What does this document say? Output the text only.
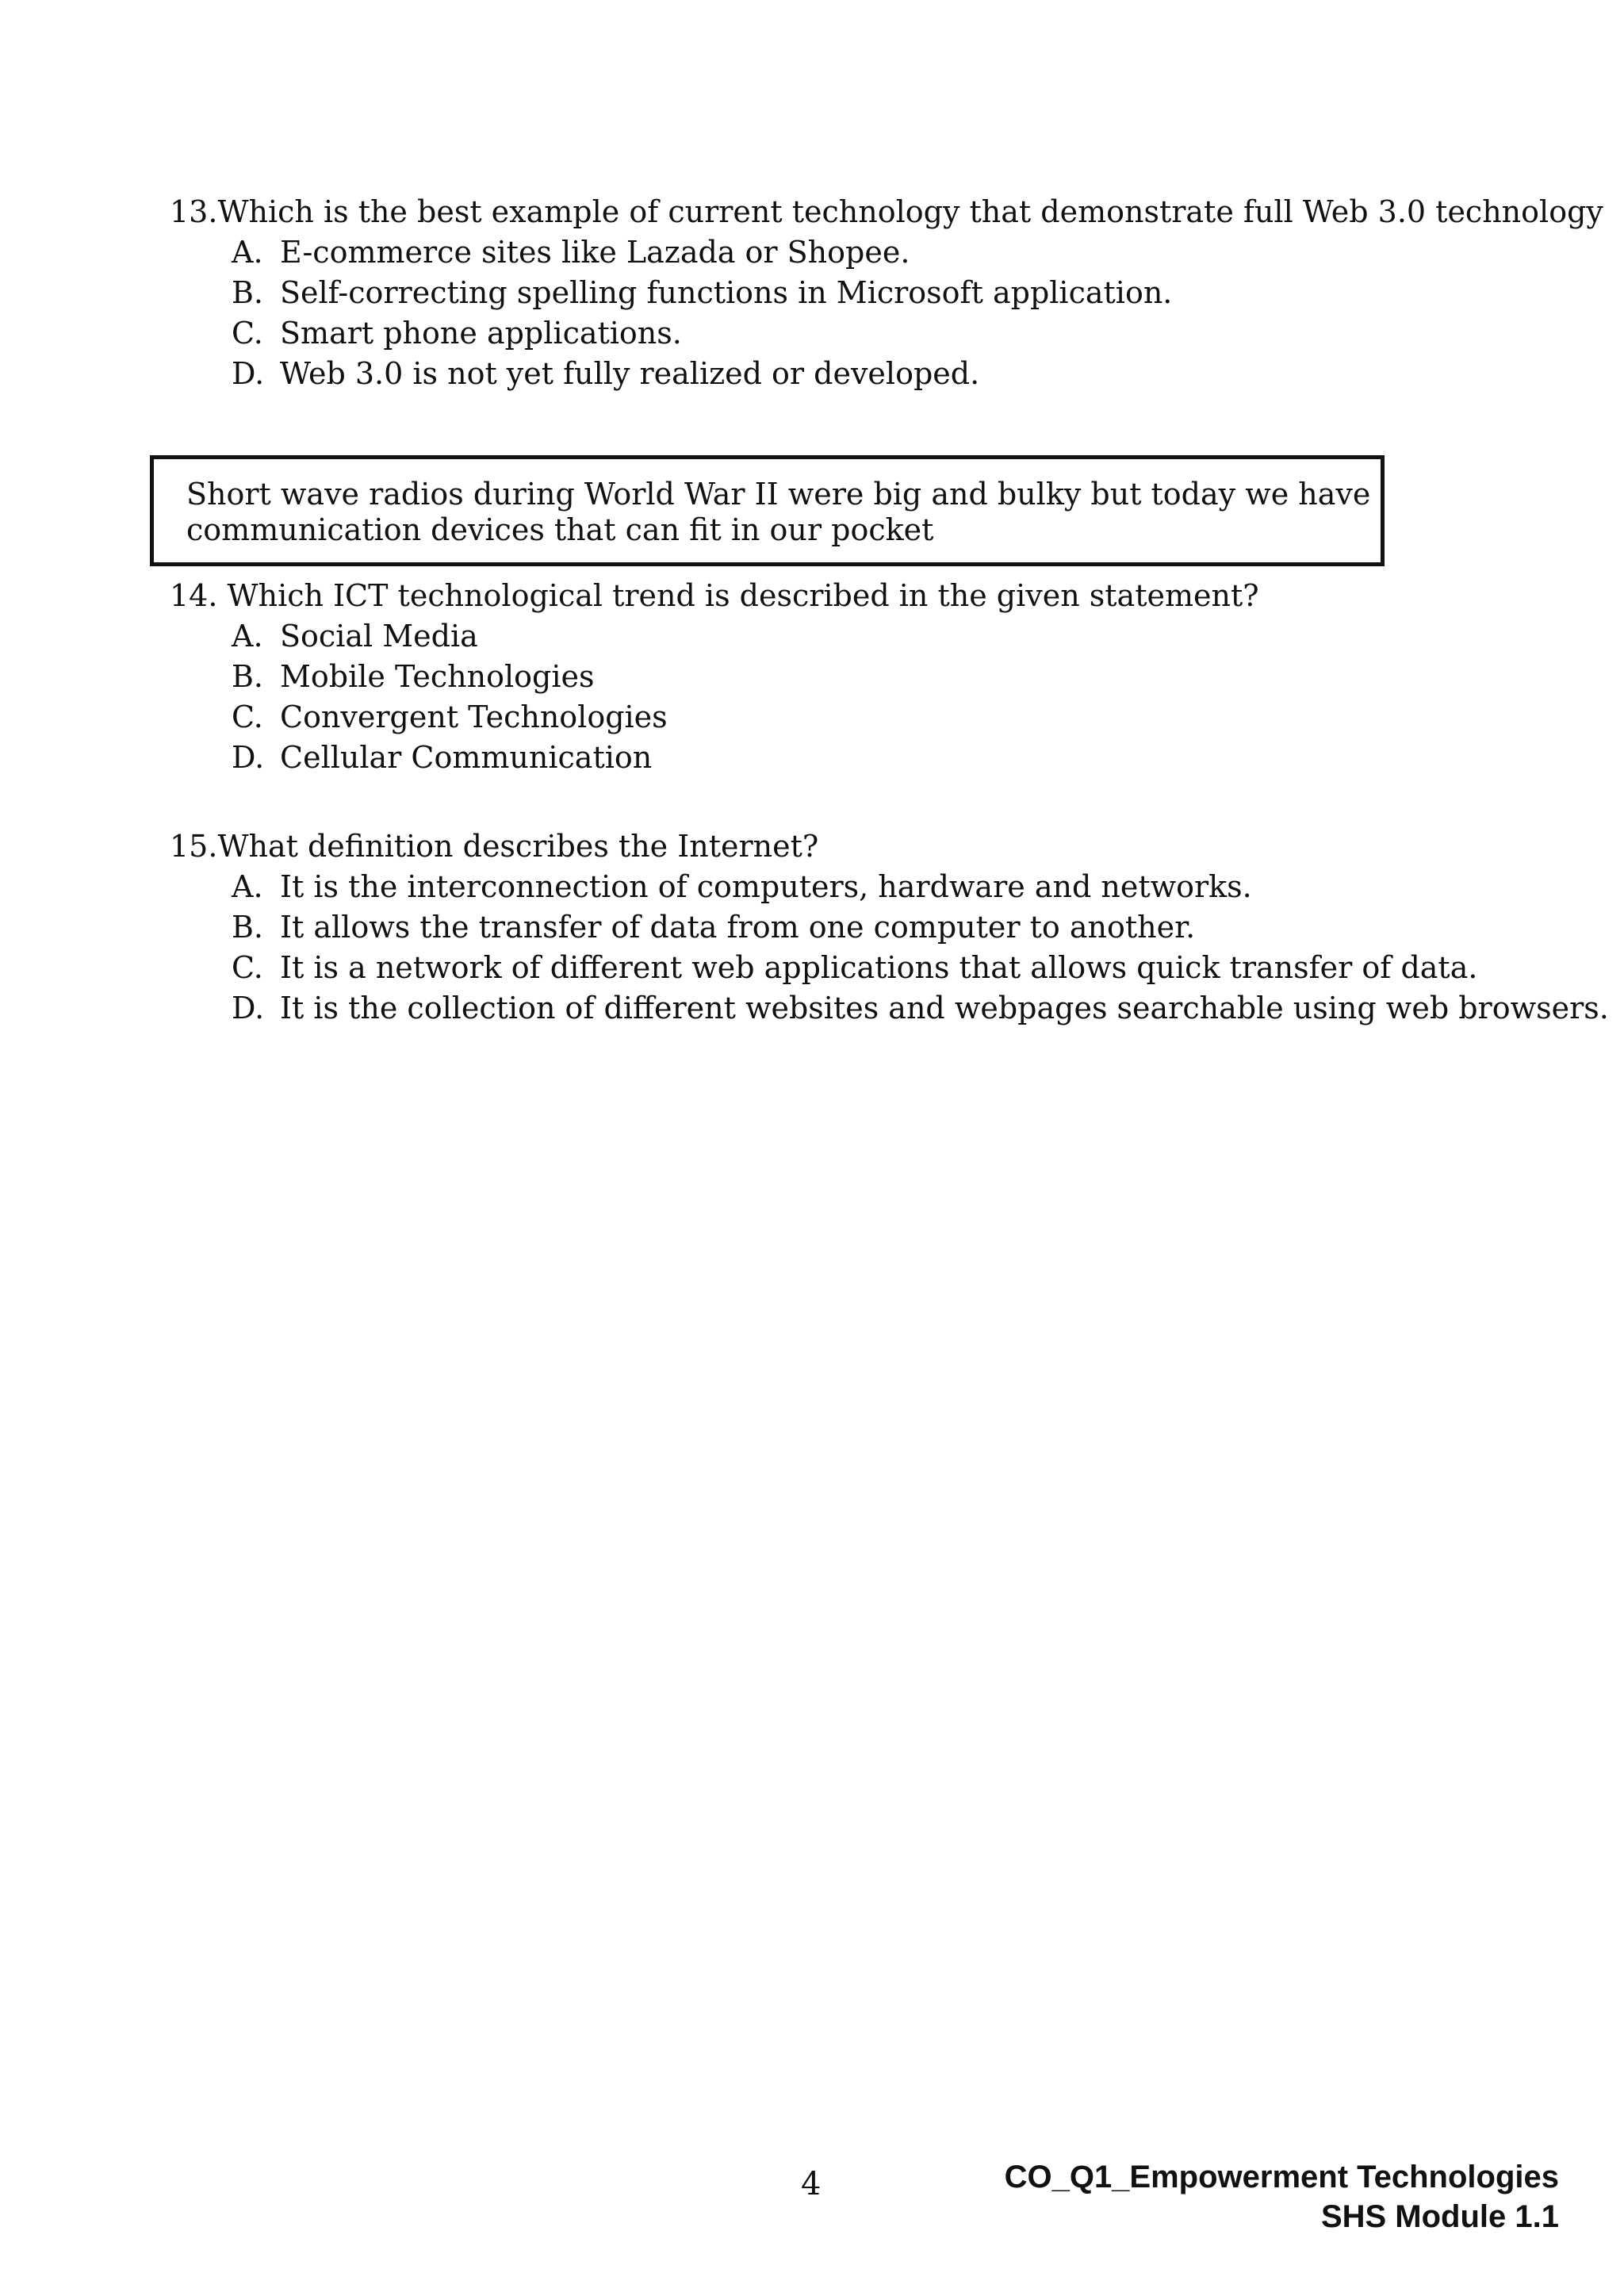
13.Which is the best example of current technology that demonstrate full Web 3.0 technology
A. E-commerce sites like Lazada or Shopee.
B. Self-correcting spelling functions in Microsoft application.
C. Smart phone applications.
D. Web 3.0 is not yet fully realized or developed.
Short wave radios during World War II were big and bulky but today we have
communication devices that can fit in our pocket
14. Which ICT technological trend is described in the given statement?
A. Social Media
B. Mobile Technologies
C. Convergent Technologies
D. Cellular Communication
15.What definition describes the Internet?
A. It is the interconnection of computers, hardware and networks.
B. It allows the transfer of data from one computer to another.
C. It is a network of different web applications that allows quick transfer of data.
D. It is the collection of different websites and webpages searchable using web browsers.
4	CO_Q1_Empowerment Technologies
SHS Module 1.1
